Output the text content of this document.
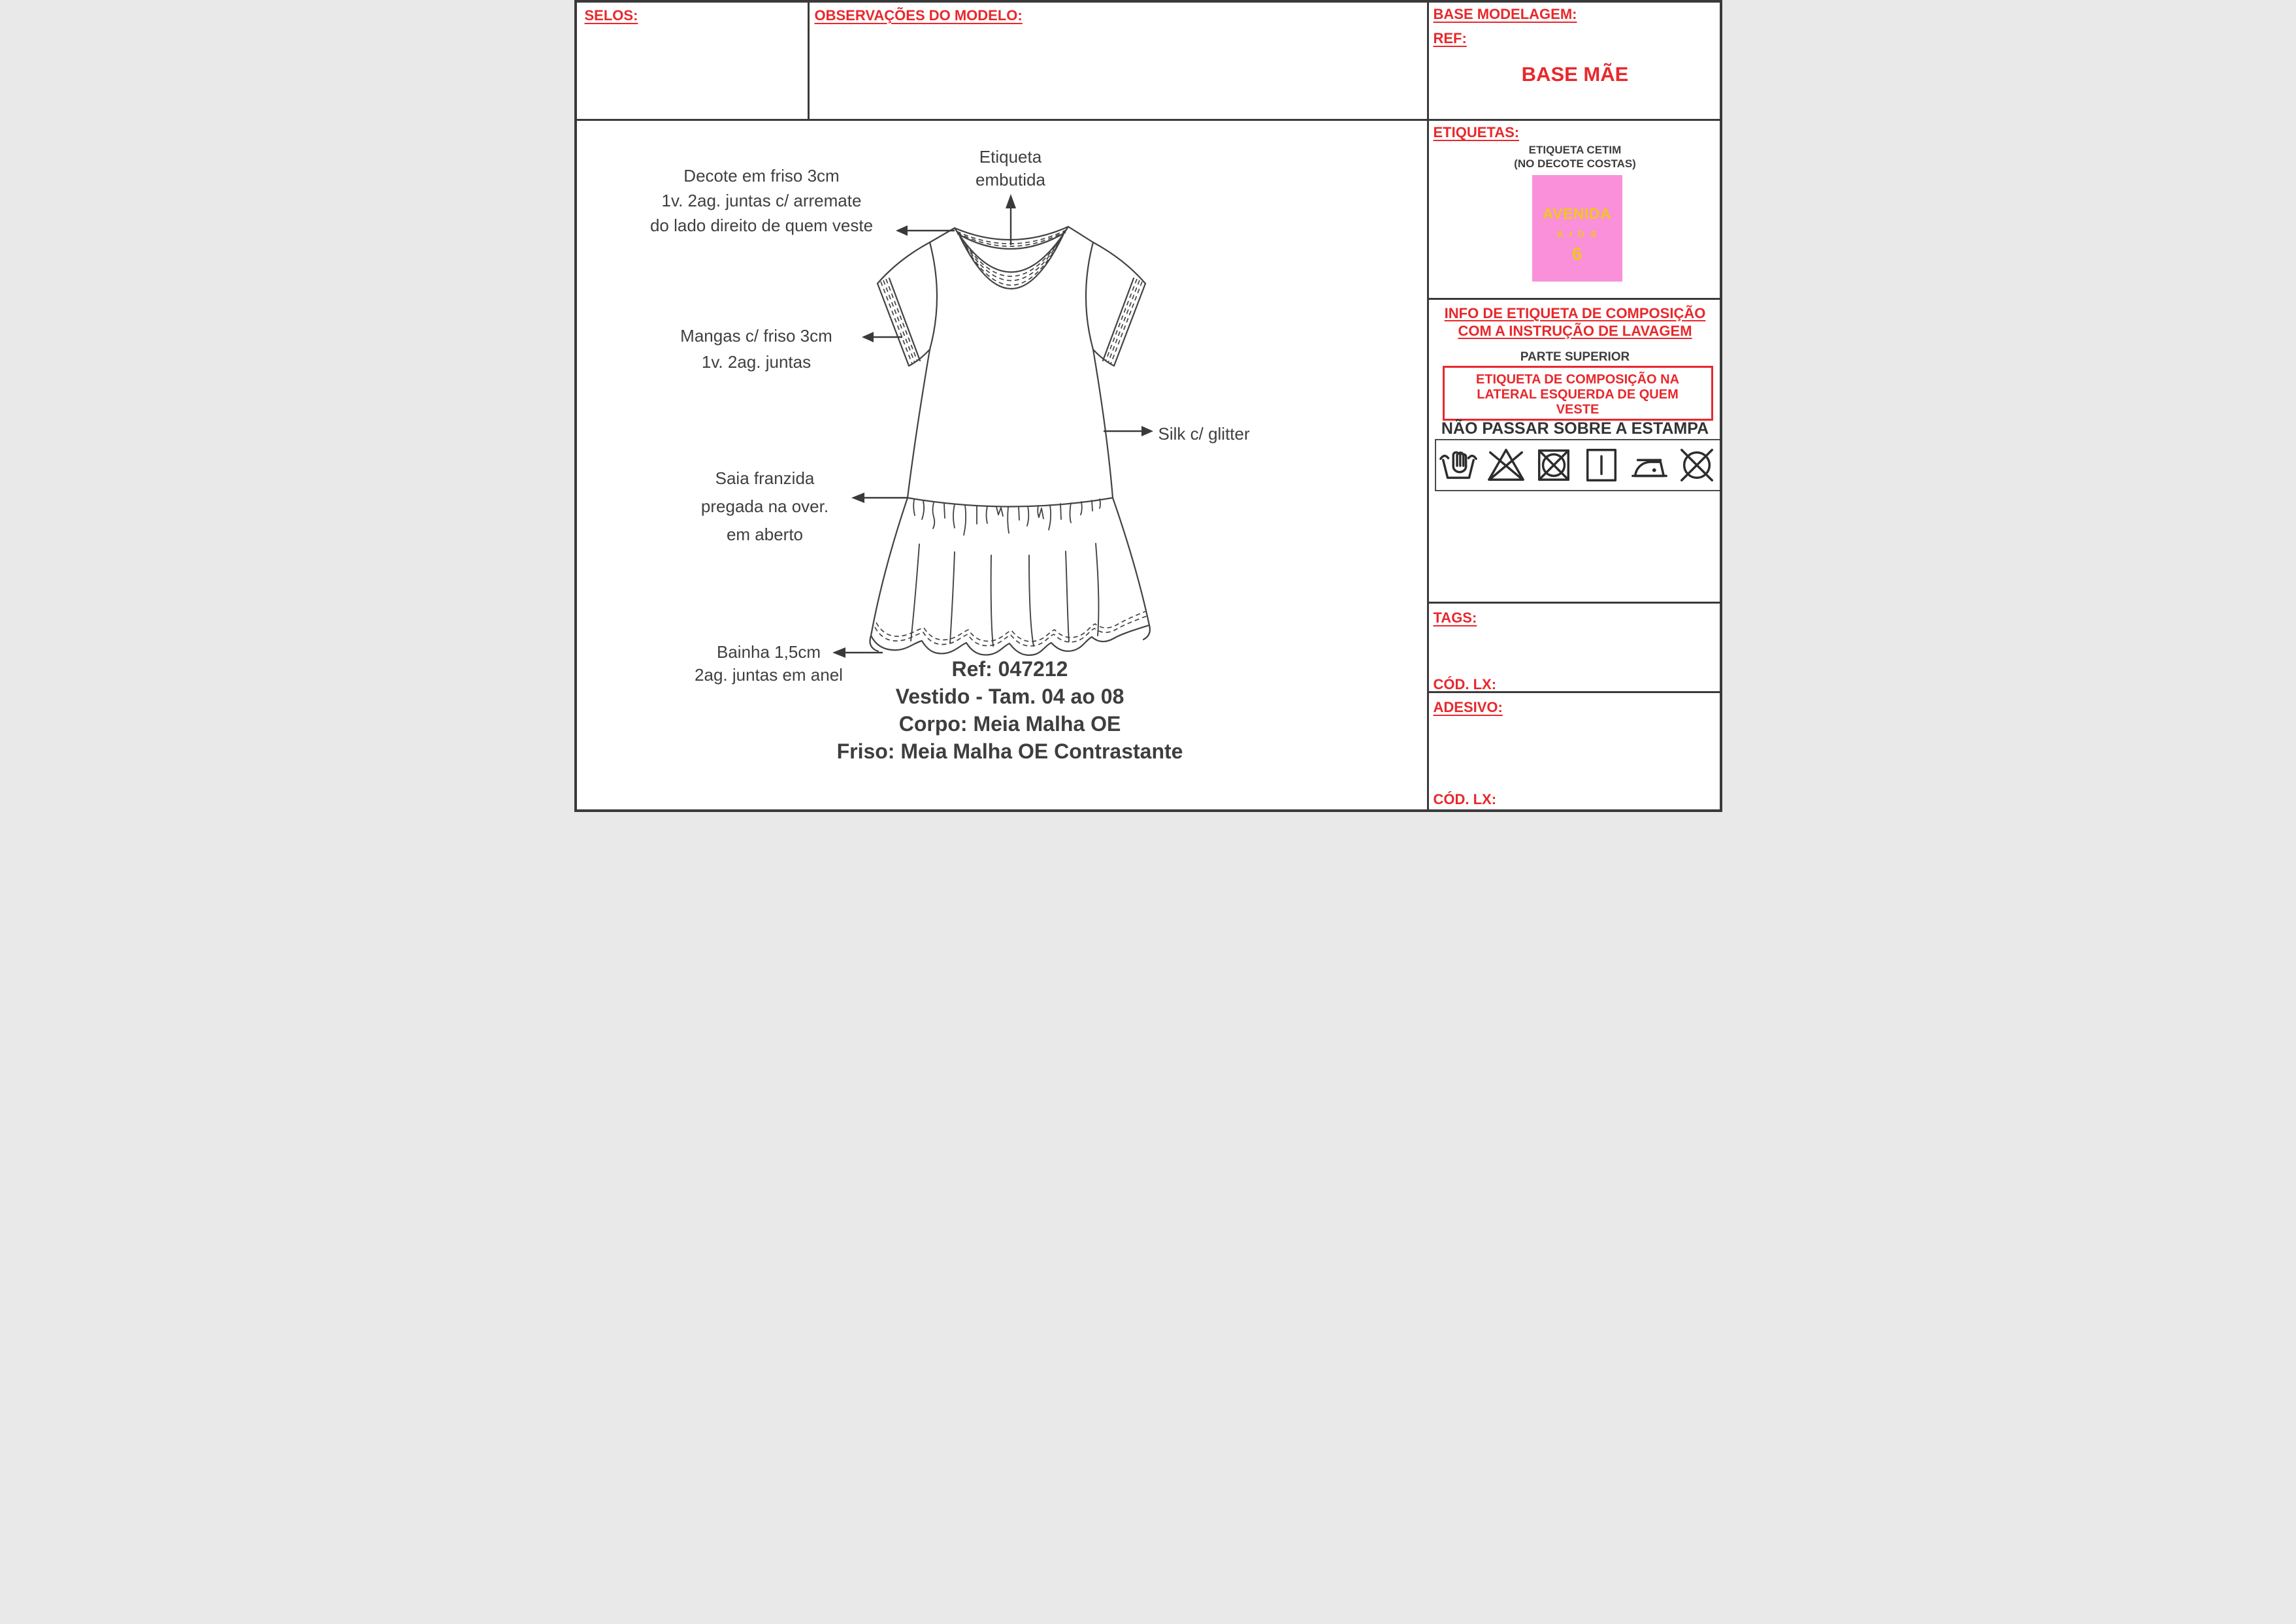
SELOS:	OBSERVAÇÕES DO MODELO:	BASE MODELAGEM:
REF:
BASE MÃE
ETIQUETAS:
ETIQUETA CETIM
(NO DECOTE COSTAS)
AVENIDA
K I D S
6
INFO DE ETIQUETA DE COMPOSIÇÃO
COM A INSTRUÇÃO DE LAVAGEM
PARTE SUPERIOR
ETIQUETA DE COMPOSIÇÃO NA
LATERAL ESQUERDA DE QUEM
VESTE
NÃO PASSAR SOBRE A ESTAMPA
TAGS:
CÓD. LX:
ADESIVO:
CÓD. LX:
Etiqueta
embutida
Decote em friso 3cm
1v. 2ag. juntas c/ arremate
do lado direito de quem veste
Mangas c/ friso 3cm
1v. 2ag. juntas
Silk c/ glitter
Saia franzida
pregada na over.
em aberto
Bainha 1,5cm
2ag. juntas em anel	Ref: 047212
Vestido - Tam. 04 ao 08
Corpo: Meia Malha OE
Friso: Meia Malha OE Contrastante
